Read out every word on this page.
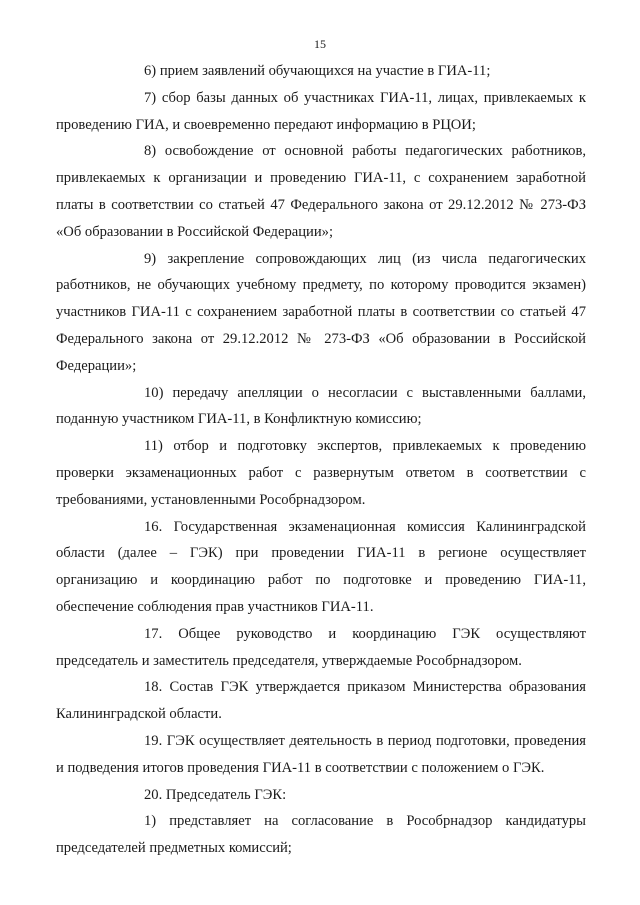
15

6) прием заявлений обучающихся на участие в ГИА-11;

7) сбор базы данных об участниках ГИА-11, лицах, привлекаемых к проведению ГИА, и своевременно передают информацию в РЦОИ;

8) освобождение от основной работы педагогических работников, привлекаемых к организации и проведению ГИА-11, с сохранением заработной платы в соответствии со статьей 47 Федерального закона от 29.12.2012 № 273-ФЗ «Об образовании в Российской Федерации»;

9) закрепление сопровождающих лиц (из числа педагогических работников, не обучающих учебному предмету, по которому проводится экзамен) участников ГИА-11 с сохранением заработной платы в соответствии со статьей 47 Федерального закона от 29.12.2012 № 273-ФЗ «Об образовании в Российской Федерации»;

10) передачу апелляции о несогласии с выставленными баллами, поданную участником ГИА-11, в Конфликтную комиссию;

11) отбор и подготовку экспертов, привлекаемых к проведению проверки экзаменационных работ с развернутым ответом в соответствии с требованиями, установленными Рособрнадзором.

16. Государственная экзаменационная комиссия Калининградской области (далее – ГЭК) при проведении ГИА-11 в регионе осуществляет организацию и координацию работ по подготовке и проведению ГИА-11, обеспечение соблюдения прав участников ГИА-11.

17. Общее руководство и координацию ГЭК осуществляют председатель и заместитель председателя, утверждаемые Рособрнадзором.

18. Состав ГЭК утверждается приказом Министерства образования Калининградской области.

19. ГЭК осуществляет деятельность в период подготовки, проведения и подведения итогов проведения ГИА-11 в соответствии с положением о ГЭК.

20. Председатель ГЭК:

1) представляет на согласование в Рособрнадзор кандидатуры председателей предметных комиссий;
